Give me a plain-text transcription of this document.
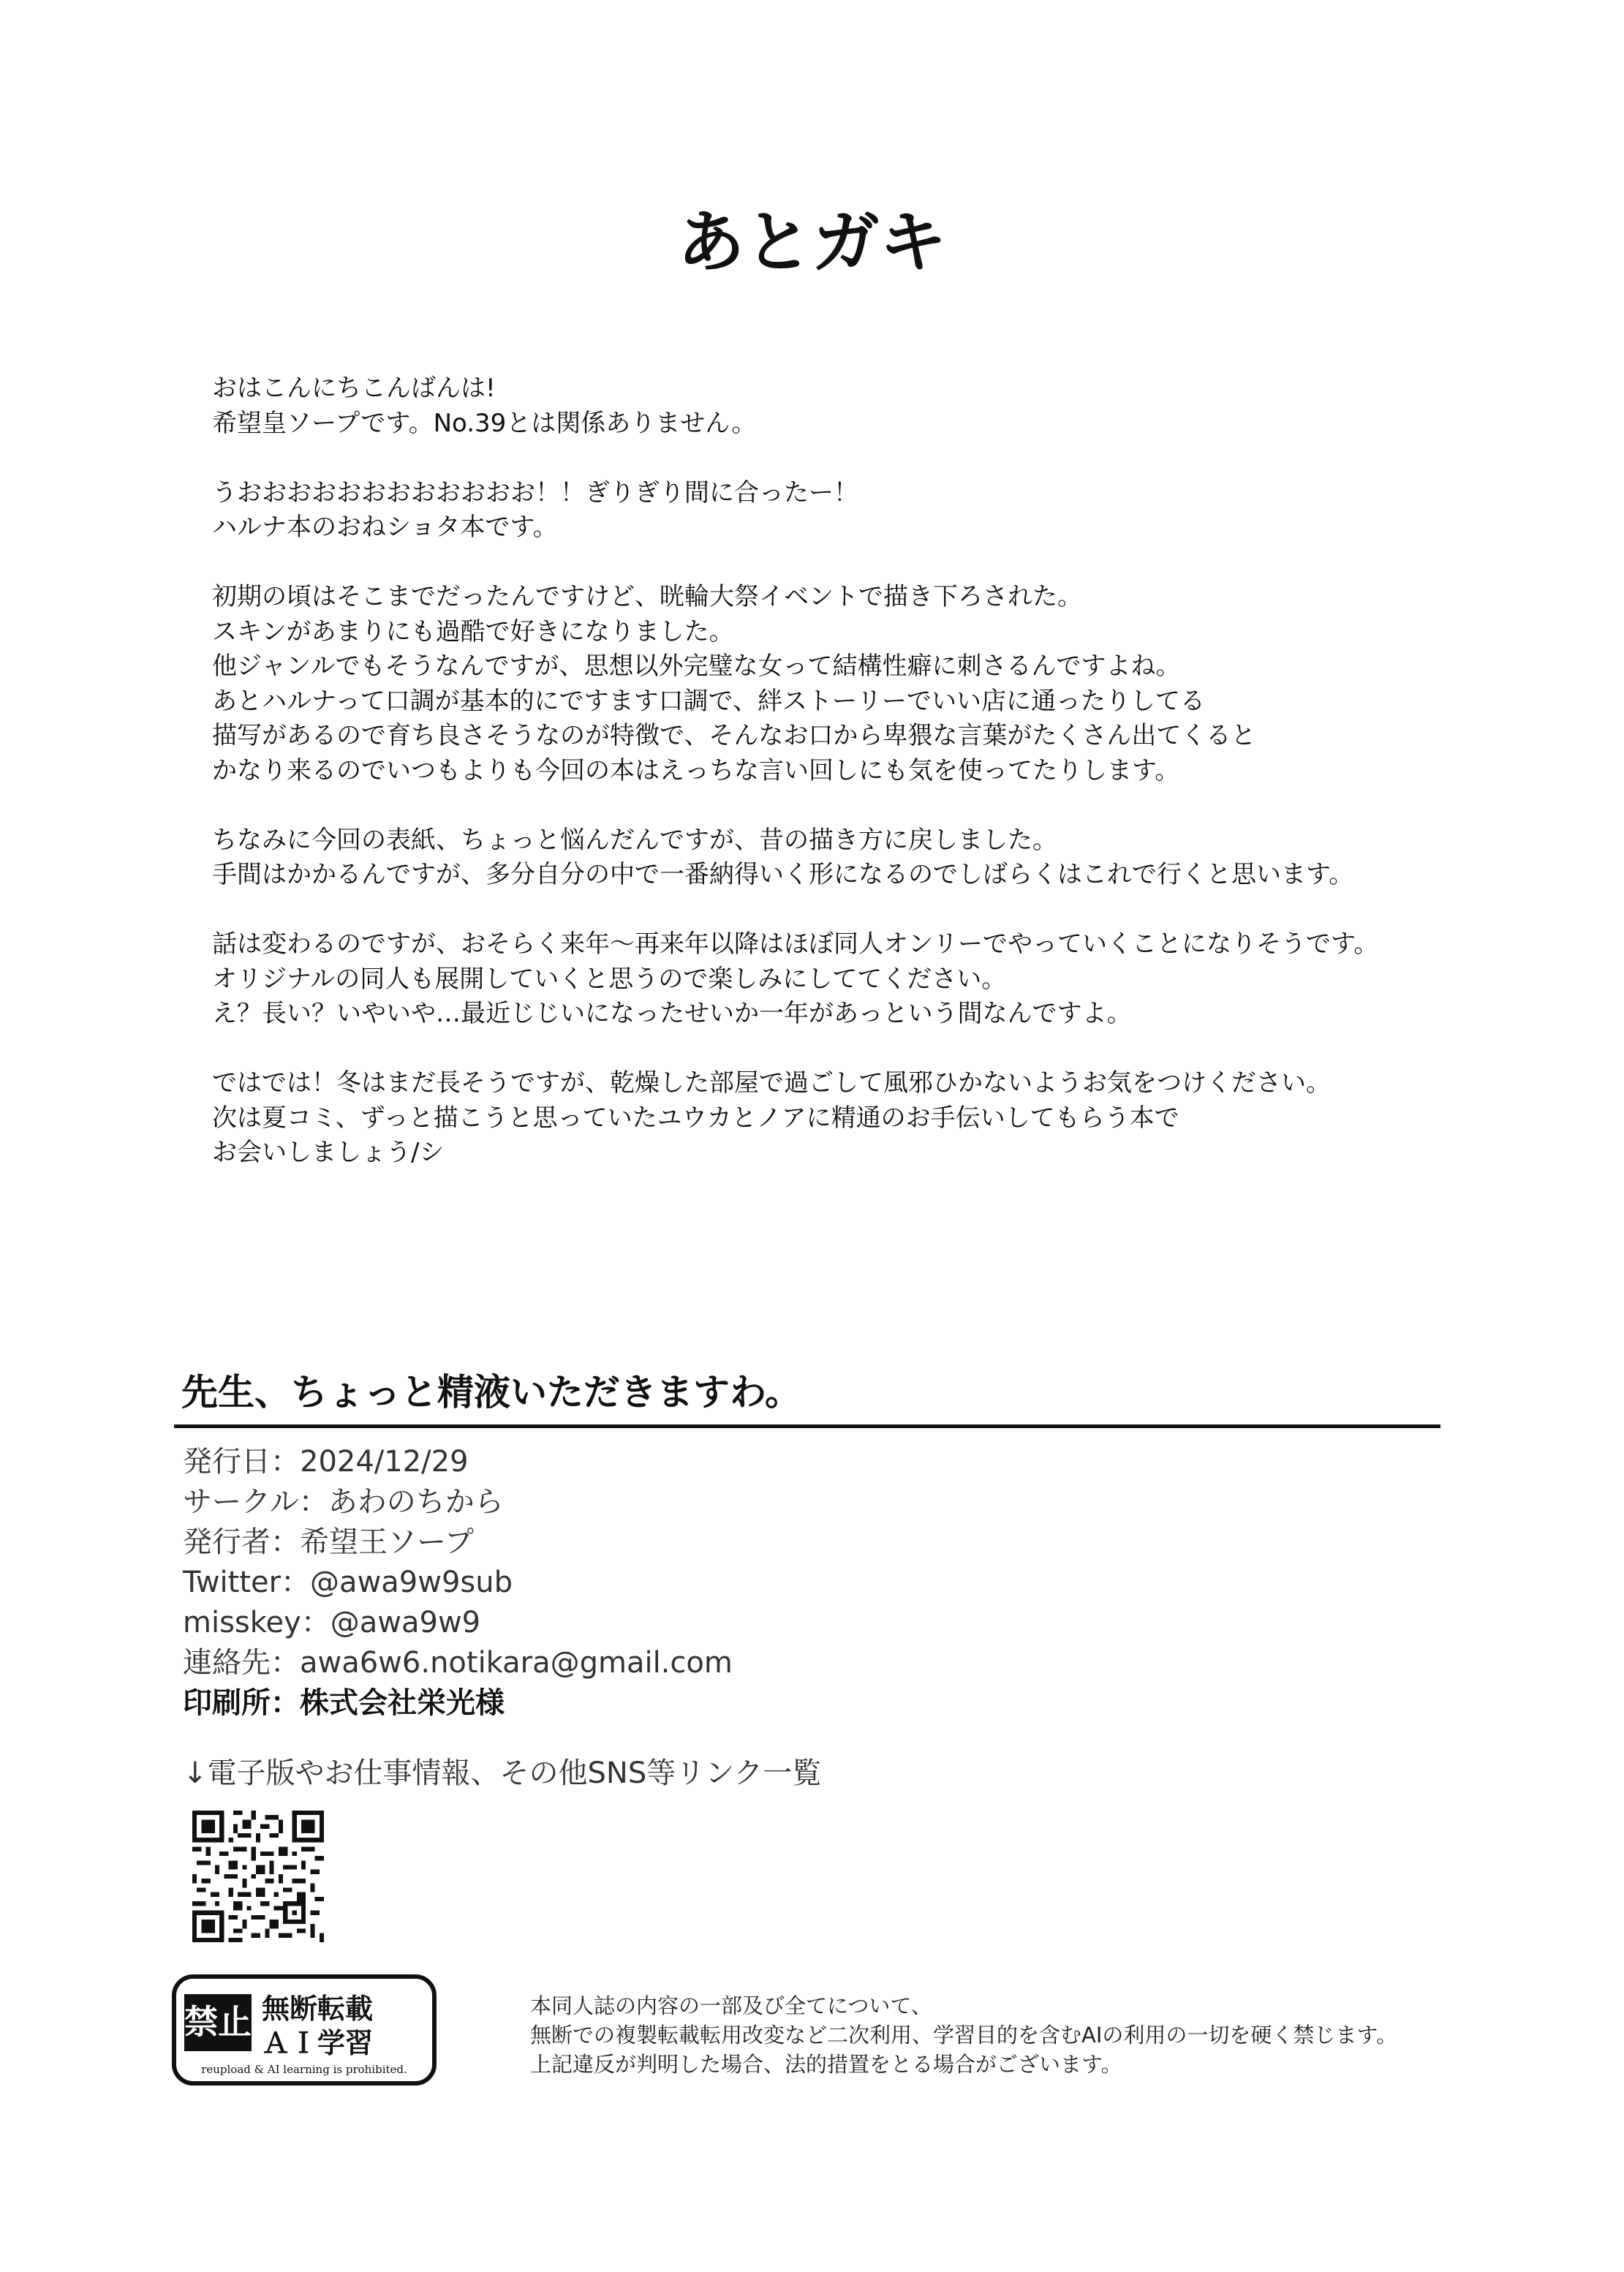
あとガキ
おはこんにちこんばんは!
希望皇ソープです。No.39とは関係ありません。
うおおおおおおおおおおおお！！ぎりぎり間に合ったー！
ハルナ本のおねショタ本です。
初期の頃はそこまでだったんですけど、晄輪大祭イベントで描き下ろされた。
スキンがあまりにも過酷で好きになりました。
他ジャンルでもそうなんですが、思想以外完璧な女って結構性癖に刺さるんですよね。
あとハルナって口調が基本的にですます口調で、絆ストーリーでいい店に通ったりしてる
描写があるので育ち良さそうなのが特徴で、そんなお口から卑猥な言葉がたくさん出てくると
かなり来るのでいつもよりも今回の本はえっちな言い回しにも気を使ってたりします。
ちなみに今回の表紙、ちょっと悩んだんですが、昔の描き方に戻しました。
手間はかかるんですが、多分自分の中で一番納得いく形になるのでしばらくはこれで行くと思います。
話は変わるのですが、おそらく来年～再来年以降はほぼ同人オンリーでやっていくことになりそうです。
オリジナルの同人も展開していくと思うので楽しみにしててください。
え？長い？いやいや…最近じじいになったせいか一年があっという間なんですよ。
ではでは！冬はまだ長そうですが、乾燥した部屋で過ごして風邪ひかないようお気をつけください。
次は夏コミ、ずっと描こうと思っていたユウカとノアに精通のお手伝いしてもらう本で
お会いしましょう/シ
先生、ちょっと精液いただきますわ。
発行日：2024/12/29
サークル：あわのちから
発行者：希望王ソープ
Twitter：@awa9w9sub
misskey：@awa9w9
連絡先：awa6w6.notikara@gmail.com
印刷所：株式会社栄光様
↓電子版やお仕事情報、その他SNS等リンク一覧
禁止 無断転載
ＡＩ学習
reupload & AI learning is prohibited.
本同人誌の内容の一部及び全てについて、
無断での複製転載転用改変など二次利用、学習目的を含むAIの利用の一切を硬く禁じます。
上記違反が判明した場合、法的措置をとる場合がございます。
